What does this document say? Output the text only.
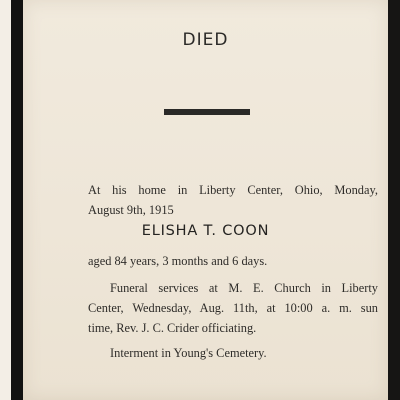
DIED
At his home in Liberty Center, Ohio, Monday,
August 9th, 1915
ELISHA T. COON
aged 84 years, 3 months and 6 days.
Funeral services at M. E. Church in Liberty
Center, Wednesday, Aug. 11th, at 10:00 a. m. sun
time, Rev. J. C. Crider officiating.
Interment in Young's Cemetery.
